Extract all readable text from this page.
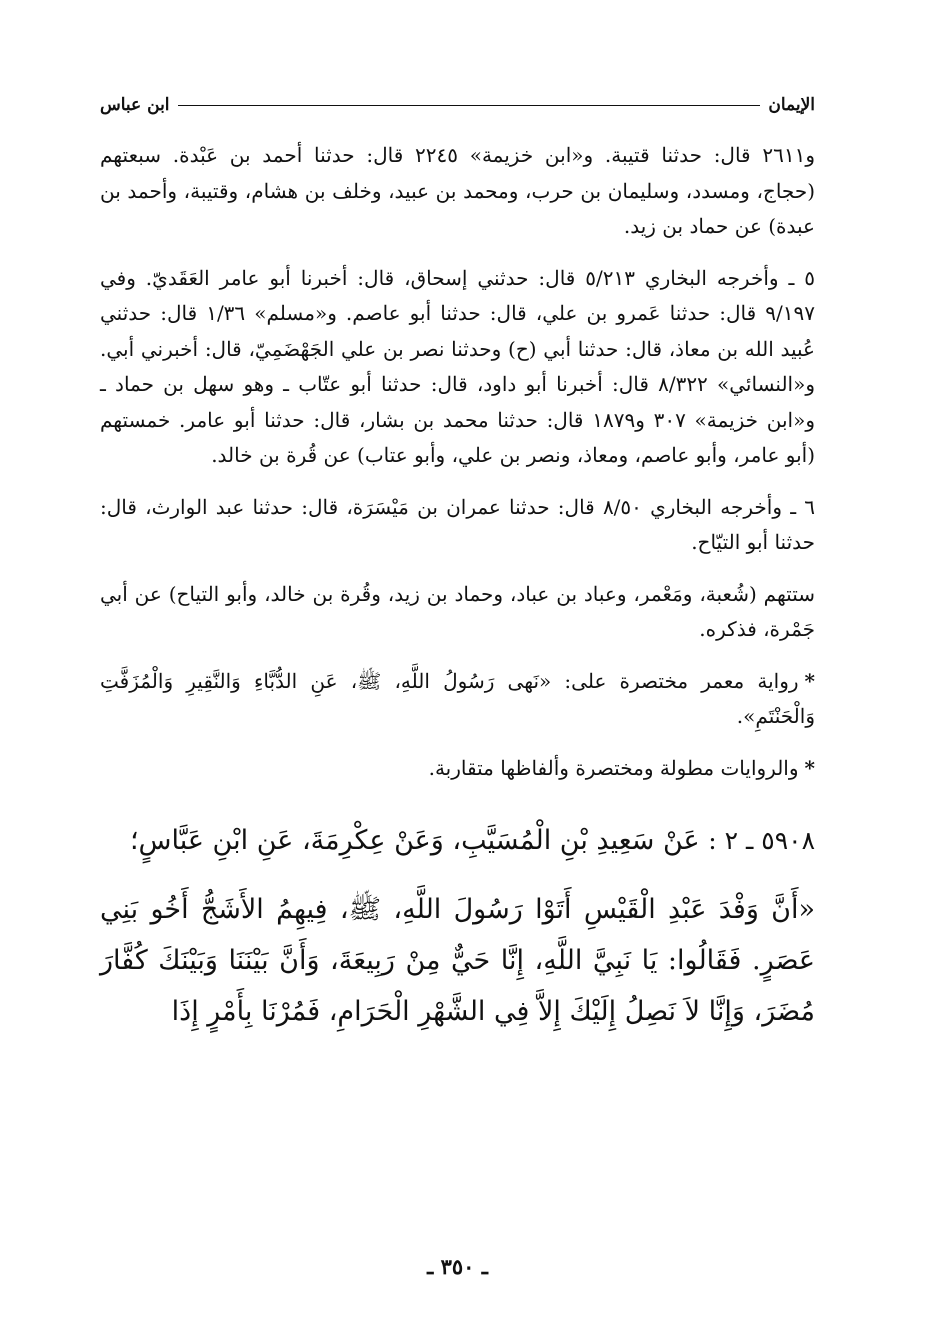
الإيمان
ابن عباس

و٢٦١١ قال: حدثنا قتيبة. و«ابن خزيمة» ٢٢٤٥ قال: حدثنا أحمد بن عَبْدة. سبعتهم (حجاج، ومسدد، وسليمان بن حرب، ومحمد بن عبيد، وخلف بن هشام، وقتيبة، وأحمد بن عبدة) عن حماد بن زيد.

٥ ـ وأخرجه البخاري ٥/٢١٣ قال: حدثني إسحاق، قال: أخبرنا أبو عامر العَقَديّ. وفي ٩/١٩٧ قال: حدثنا عَمرو بن علي، قال: حدثنا أبو عاصم. و«مسلم» ١/٣٦ قال: حدثني عُبيد الله بن معاذ، قال: حدثنا أبي (ح) وحدثنا نصر بن علي الجَهْضَمِيّ، قال: أخبرني أبي. و«النسائي» ٨/٣٢٢ قال: أخبرنا أبو داود، قال: حدثنا أبو عتّاب ـ وهو سهل بن حماد ـ و«ابن خزيمة» ٣٠٧ و١٨٧٩ قال: حدثنا محمد بن بشار، قال: حدثنا أبو عامر. خمستهم (أبو عامر، وأبو عاصم، ومعاذ، ونصر بن علي، وأبو عتاب) عن قُرة بن خالد.

٦ ـ وأخرجه البخاري ٨/٥٠ قال: حدثنا عمران بن مَيْسَرَة، قال: حدثنا عبد الوارث، قال: حدثنا أبو التيّاح.

ستتهم (شُعبة، ومَعْمر، وعباد بن عباد، وحماد بن زيد، وقُرة بن خالد، وأبو التياح) عن أبي جَمْرة، فذكره.

*رواية معمر مختصرة على: «نَهى رَسُولُ اللَّهِ، ﷺ، عَنِ الدُّبَّاءِ وَالنَّقِيرِ وَالْمُزَفَّتِ وَالْحَنْتَمِ».

*والروايات مطولة ومختصرة وألفاظها متقاربة.

٥٩٠٨ ـ ٢ : عَنْ سَعِيدِ بْنِ الْمُسَيَّبِ، وَعَنْ عِكْرِمَةَ، عَنِ ابْنِ عَبَّاسٍ؛

«أَنَّ وَفْدَ عَبْدِ الْقَيْسِ أَتَوْا رَسُولَ اللَّهِ، ﷺ، فِيهِمُ الأَشَجُّ أَخُو بَنِي عَصَرٍ. فَقَالُوا: يَا نَبِيَّ اللَّهِ، إِنَّا حَيٌّ مِنْ رَبِيعَةَ، وَأَنَّ بَيْنَنَا وَبَيْنَكَ كُفَّارَ مُضَرَ، وَإِنَّا لاَ نَصِلُ إِلَيْكَ إِلاَّ فِي الشَّهْرِ الْحَرَامِ، فَمُرْنَا بِأَمْرٍ إِذَا

ـ ٣٥٠ ـ
